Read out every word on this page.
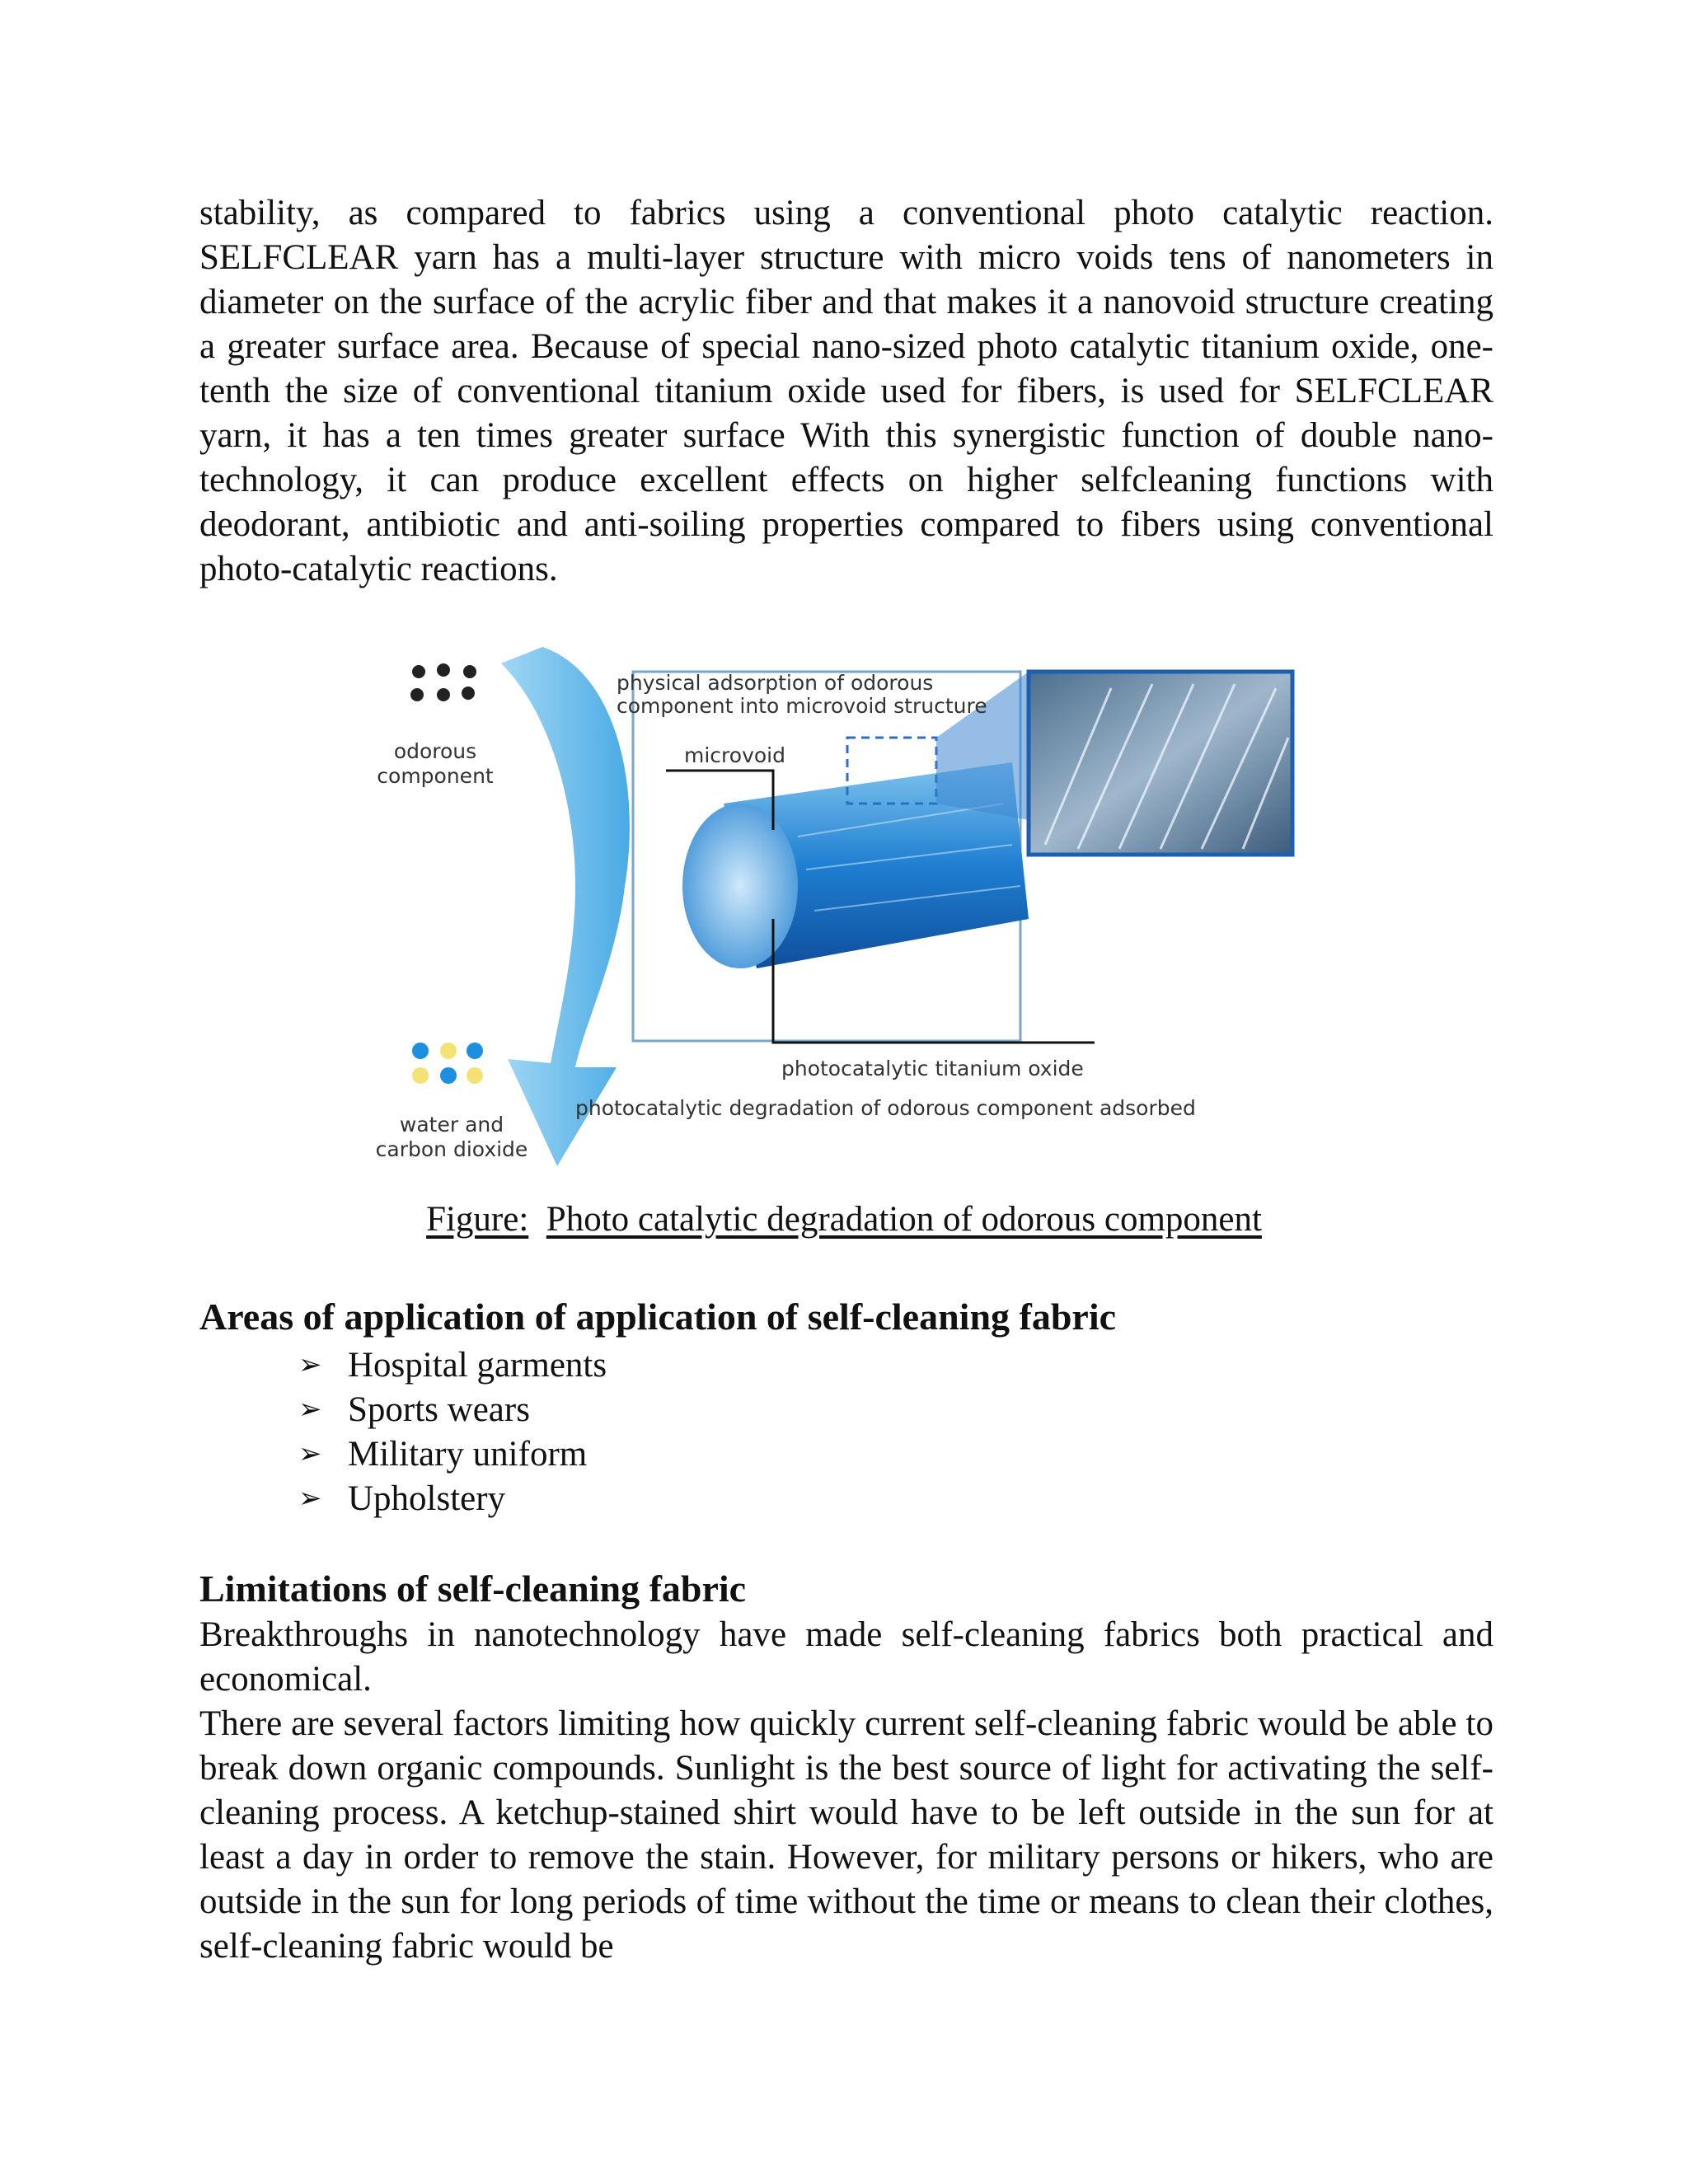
stability, as compared to fabrics using a conventional photo catalytic reaction. SELFCLEAR yarn has a multi-layer structure with micro voids tens of nanometers in diameter on the surface of the acrylic fiber and that makes it a nanovoid structure creating a greater surface area. Because of special nano-sized photo catalytic titanium oxide, one-tenth the size of conventional titanium oxide used for fibers, is used for SELFCLEAR yarn, it has a ten times greater surface With this synergistic function of double nano-technology, it can produce excellent effects on higher selfcleaning functions with deodorant, antibiotic and anti-soiling properties compared to fibers using conventional photo-catalytic reactions.

odorous
component
physical adsorption of odorous
component into microvoid structure
microvoid
photocatalytic titanium oxide
photocatalytic degradation of odorous component adsorbed
water and
carbon dioxide
Figure: Photo catalytic degradation of odorous component
Areas of application of application of self-cleaning fabric
➢ Hospital garments
➢ Sports wears
➢ Military uniform
➢ Upholstery
Limitations of self-cleaning fabric

Breakthroughs in nanotechnology have made self-cleaning fabrics both practical and economical.

There are several factors limiting how quickly current self-cleaning fabric would be able to break down organic compounds. Sunlight is the best source of light for activating the self-cleaning process. A ketchup-stained shirt would have to be left outside in the sun for at least a day in order to remove the stain. However, for military persons or hikers, who are outside in the sun for long periods of time without the time or means to clean their clothes, self-cleaning fabric would be
